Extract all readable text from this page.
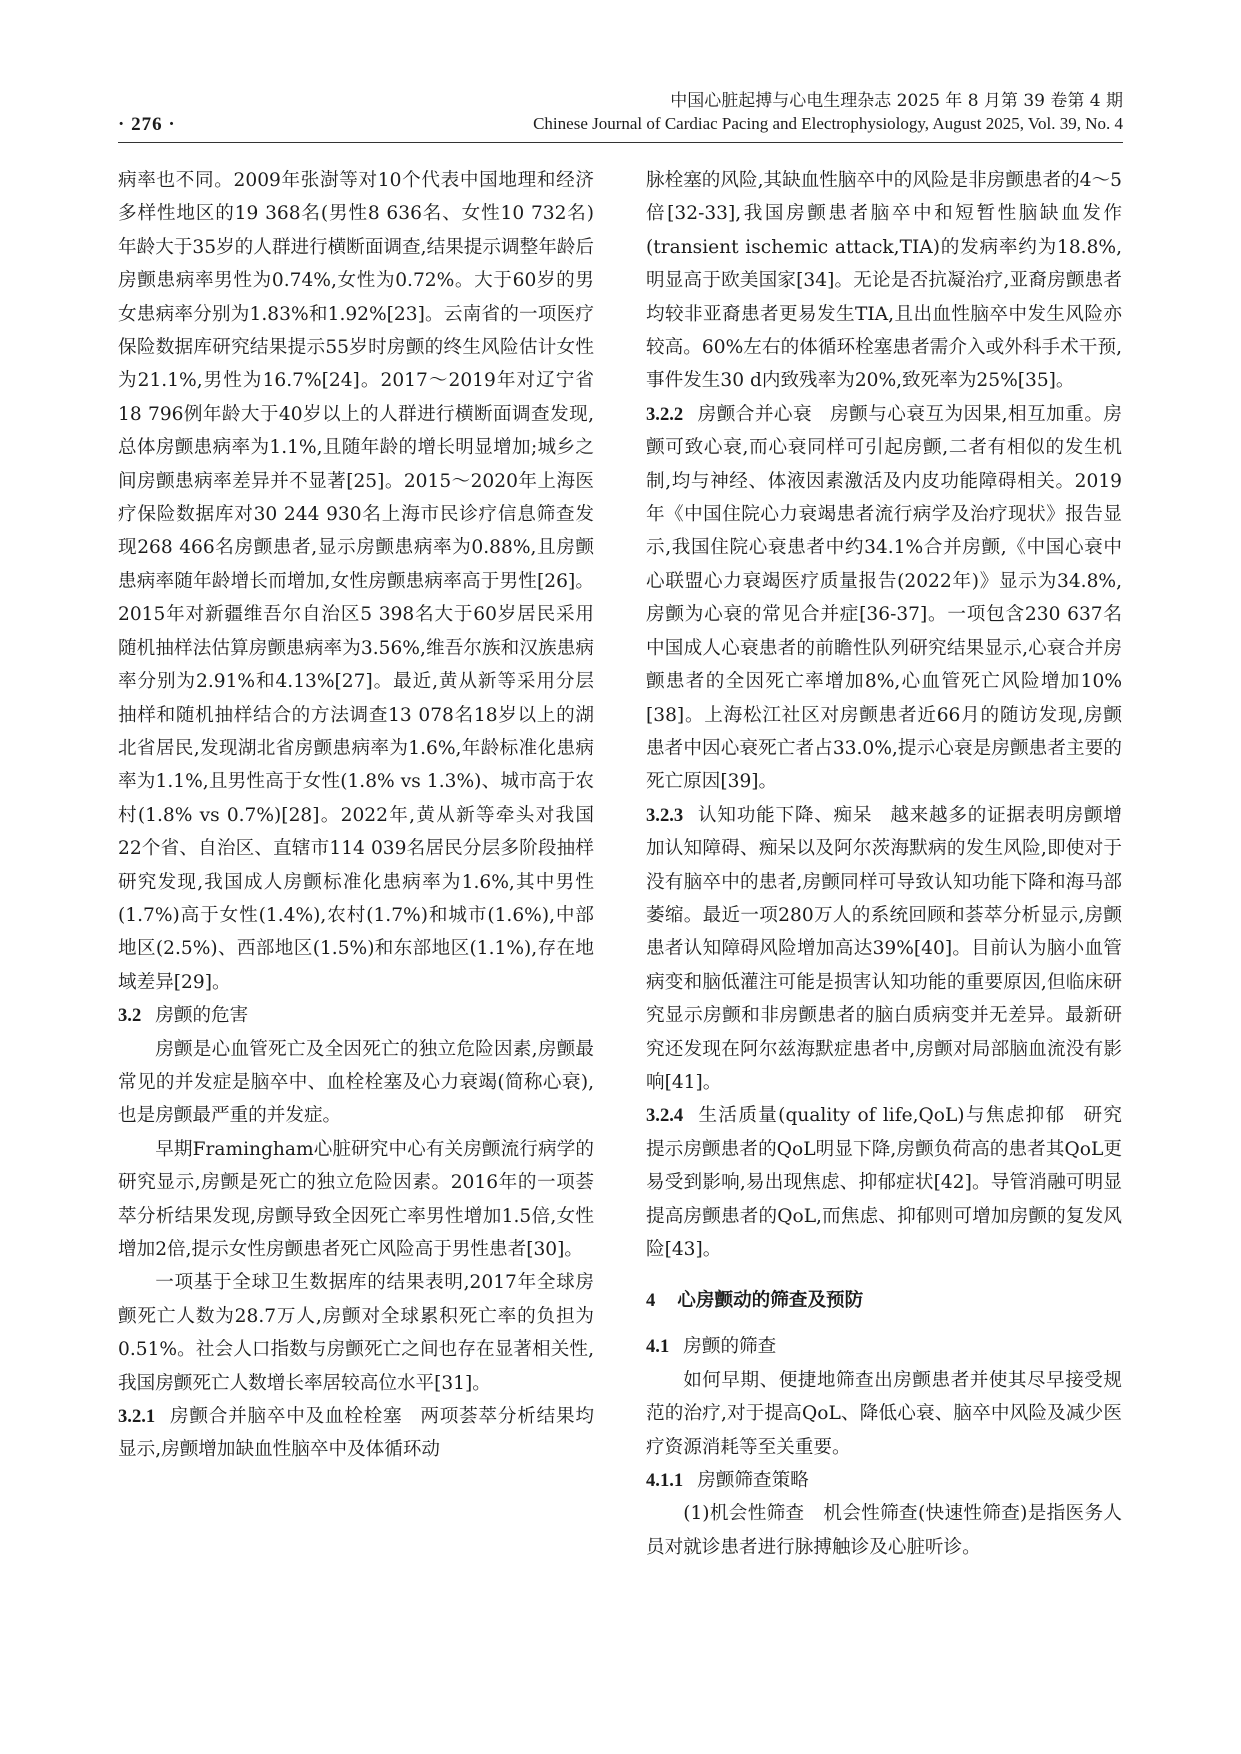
· 276 ·
中国心脏起搏与心电生理杂志 2025 年 8 月第 39 卷第 4 期
Chinese Journal of Cardiac Pacing and Electrophysiology, August 2025, Vol. 39, No. 4

病率也不同。2009年张澍等对10个代表中国地理和经济多样性地区的19 368名(男性8 636名、女性10 732名)年龄大于35岁的人群进行横断面调查,结果提示调整年龄后房颤患病率男性为0.74%,女性为0.72%。大于60岁的男女患病率分别为1.83%和1.92%[23]。云南省的一项医疗保险数据库研究结果提示55岁时房颤的终生风险估计女性为21.1%,男性为16.7%[24]。2017～2019年对辽宁省18 796例年龄大于40岁以上的人群进行横断面调查发现,总体房颤患病率为1.1%,且随年龄的增长明显增加;城乡之间房颤患病率差异并不显著[25]。2015～2020年上海医疗保险数据库对30 244 930名上海市民诊疗信息筛查发现268 466名房颤患者,显示房颤患病率为0.88%,且房颤患病率随年龄增长而增加,女性房颤患病率高于男性[26]。2015年对新疆维吾尔自治区5 398名大于60岁居民采用随机抽样法估算房颤患病率为3.56%,维吾尔族和汉族患病率分别为2.91%和4.13%[27]。最近,黄从新等采用分层抽样和随机抽样结合的方法调查13 078名18岁以上的湖北省居民,发现湖北省房颤患病率为1.6%,年龄标准化患病率为1.1%,且男性高于女性(1.8% vs 1.3%)、城市高于农村(1.8% vs 0.7%)[28]。2022年,黄从新等牵头对我国22个省、自治区、直辖市114 039名居民分层多阶段抽样研究发现,我国成人房颤标准化患病率为1.6%,其中男性(1.7%)高于女性(1.4%),农村(1.7%)和城市(1.6%),中部地区(2.5%)、西部地区(1.5%)和东部地区(1.1%),存在地域差异[29]。

3.2 房颤的危害

房颤是心血管死亡及全因死亡的独立危险因素,房颤最常见的并发症是脑卒中、血栓栓塞及心力衰竭(简称心衰),也是房颤最严重的并发症。

早期Framingham心脏研究中心有关房颤流行病学的研究显示,房颤是死亡的独立危险因素。2016年的一项荟萃分析结果发现,房颤导致全因死亡率男性增加1.5倍,女性增加2倍,提示女性房颤患者死亡风险高于男性患者[30]。

一项基于全球卫生数据库的结果表明,2017年全球房颤死亡人数为28.7万人,房颤对全球累积死亡率的负担为0.51%。社会人口指数与房颤死亡之间也存在显著相关性,我国房颤死亡人数增长率居较高位水平[31]。

3.2.1 房颤合并脑卒中及血栓栓塞 两项荟萃分析结果均显示,房颤增加缺血性脑卒中及体循环动

脉栓塞的风险,其缺血性脑卒中的风险是非房颤患者的4～5倍[32-33],我国房颤患者脑卒中和短暂性脑缺血发作(transient ischemic attack,TIA)的发病率约为18.8%,明显高于欧美国家[34]。无论是否抗凝治疗,亚裔房颤患者均较非亚裔患者更易发生TIA,且出血性脑卒中发生风险亦较高。60%左右的体循环栓塞患者需介入或外科手术干预,事件发生30 d内致残率为20%,致死率为25%[35]。

3.2.2 房颤合并心衰 房颤与心衰互为因果,相互加重。房颤可致心衰,而心衰同样可引起房颤,二者有相似的发生机制,均与神经、体液因素激活及内皮功能障碍相关。2019年《中国住院心力衰竭患者流行病学及治疗现状》报告显示,我国住院心衰患者中约34.1%合并房颤,《中国心衰中心联盟心力衰竭医疗质量报告(2022年)》显示为34.8%,房颤为心衰的常见合并症[36-37]。一项包含230 637名中国成人心衰患者的前瞻性队列研究结果显示,心衰合并房颤患者的全因死亡率增加8%,心血管死亡风险增加10%[38]。上海松江社区对房颤患者近66月的随访发现,房颤患者中因心衰死亡者占33.0%,提示心衰是房颤患者主要的死亡原因[39]。

3.2.3 认知功能下降、痴呆 越来越多的证据表明房颤增加认知障碍、痴呆以及阿尔茨海默病的发生风险,即使对于没有脑卒中的患者,房颤同样可导致认知功能下降和海马部萎缩。最近一项280万人的系统回顾和荟萃分析显示,房颤患者认知障碍风险增加高达39%[40]。目前认为脑小血管病变和脑低灌注可能是损害认知功能的重要原因,但临床研究显示房颤和非房颤患者的脑白质病变并无差异。最新研究还发现在阿尔兹海默症患者中,房颤对局部脑血流没有影响[41]。

3.2.4 生活质量(quality of life,QoL)与焦虑抑郁 研究提示房颤患者的QoL明显下降,房颤负荷高的患者其QoL更易受到影响,易出现焦虑、抑郁症状[42]。导管消融可明显提高房颤患者的QoL,而焦虑、抑郁则可增加房颤的复发风险[43]。

4 心房颤动的筛查及预防

4.1 房颤的筛查

如何早期、便捷地筛查出房颤患者并使其尽早接受规范的治疗,对于提高QoL、降低心衰、脑卒中风险及减少医疗资源消耗等至关重要。

4.1.1 房颤筛查策略

(1)机会性筛查　机会性筛查(快速性筛查)是指医务人员对就诊患者进行脉搏触诊及心脏听诊。
